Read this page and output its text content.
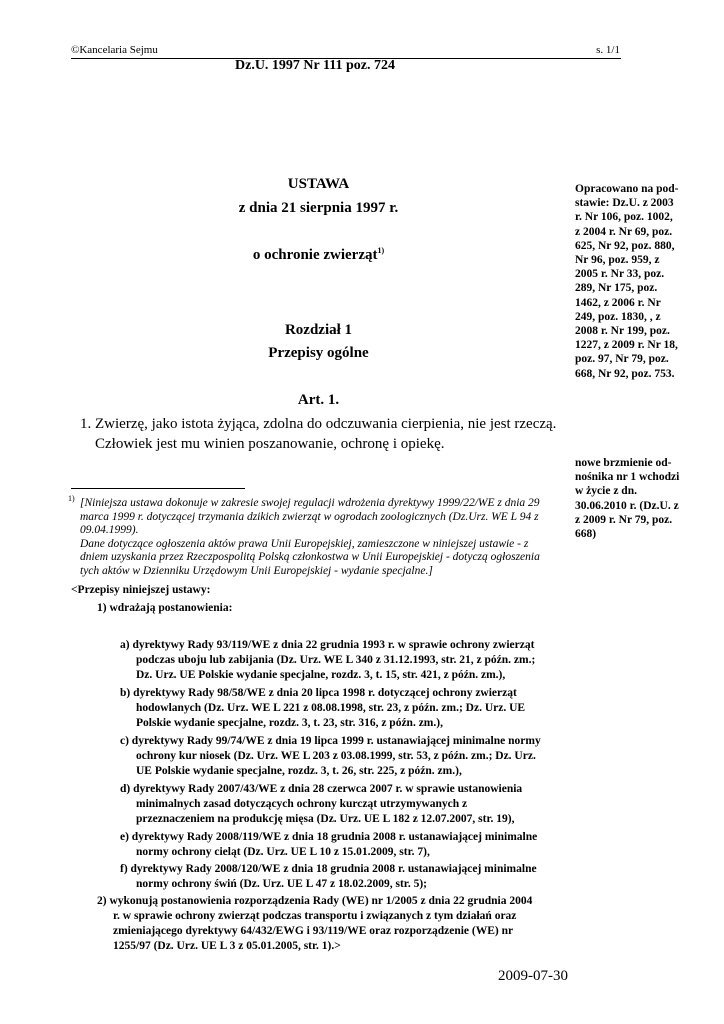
©Kancelaria Sejmu	s. 1/1
Dz.U. 1997 Nr 111 poz. 724
USTAWA
z dnia 21 sierpnia 1997 r.
o ochronie zwierząt$^{1)}$
Rozdział 1
Przepisy ogólne
Art. 1.
1. Zwierzę, jako istota żyjąca, zdolna do odczuwania cierpienia, nie jest rzeczą.
Człowiek jest mu winien poszanowanie, ochronę i opiekę.
Opracowano na pod-
stawie: Dz.U. z 2003
r. Nr 106, poz. 1002,
z 2004 r. Nr 69, poz.
625, Nr 92, poz. 880,
Nr 96, poz. 959, z
2005 r. Nr 33, poz.
289, Nr 175, poz.
1462, z 2006 r. Nr
249, poz. 1830, , z
2008 r. Nr 199, poz.
1227, z 2009 r. Nr 18,
poz. 97, Nr 79, poz.
668, Nr 92, poz. 753.
nowe brzmienie od-
nośnika nr 1 wchodzi
w życie z dn.
30.06.2010 r. (Dz.U. z
z 2009 r. Nr 79, poz.
668)
1) [Niniejsza ustawa dokonuje w zakresie swojej regulacji wdrożenia dyrektywy 1999/22/WE z dnia 29
marca 1999 r. dotyczącej trzymania dzikich zwierząt w ogrodach zoologicznych (Dz.Urz. WE L 94 z
09.04.1999).
Dane dotyczące ogłoszenia aktów prawa Unii Europejskiej, zamieszczone w niniejszej ustawie - z
dniem uzyskania przez Rzeczpospolitą Polską członkostwa w Unii Europejskiej - dotyczą ogłoszenia
tych aktów w Dzienniku Urzędowym Unii Europejskiej - wydanie specjalne.]
<Przepisy niniejszej ustawy:
1) wdrażają postanowienia:
a) dyrektywy Rady 93/119/WE z dnia 22 grudnia 1993 r. w sprawie ochrony zwierząt
podczas uboju lub zabijania (Dz. Urz. WE L 340 z 31.12.1993, str. 21, z późn. zm.;
Dz. Urz. UE Polskie wydanie specjalne, rozdz. 3, t. 15, str. 421, z późn. zm.),
b) dyrektywy Rady 98/58/WE z dnia 20 lipca 1998 r. dotyczącej ochrony zwierząt
hodowlanych (Dz. Urz. WE L 221 z 08.08.1998, str. 23, z późn. zm.; Dz. Urz. UE
Polskie wydanie specjalne, rozdz. 3, t. 23, str. 316, z późn. zm.),
c) dyrektywy Rady 99/74/WE z dnia 19 lipca 1999 r. ustanawiającej minimalne normy
ochrony kur niosek (Dz. Urz. WE L 203 z 03.08.1999, str. 53, z późn. zm.; Dz. Urz.
UE Polskie wydanie specjalne, rozdz. 3, t. 26, str. 225, z późn. zm.),
d) dyrektywy Rady 2007/43/WE z dnia 28 czerwca 2007 r. w sprawie ustanowienia
minimalnych zasad dotyczących ochrony kurcząt utrzymywanych z
przeznaczeniem na produkcję mięsa (Dz. Urz. UE L 182 z 12.07.2007, str. 19),
e) dyrektywy Rady 2008/119/WE z dnia 18 grudnia 2008 r. ustanawiającej minimalne
normy ochrony cieląt (Dz. Urz. UE L 10 z 15.01.2009, str. 7),
f) dyrektywy Rady 2008/120/WE z dnia 18 grudnia 2008 r. ustanawiającej minimalne
normy ochrony świń (Dz. Urz. UE L 47 z 18.02.2009, str. 5);
2) wykonują postanowienia rozporządzenia Rady (WE) nr 1/2005 z dnia 22 grudnia 2004
r. w sprawie ochrony zwierząt podczas transportu i związanych z tym działań oraz
zmieniającego dyrektywy 64/432/EWG i 93/119/WE oraz rozporządzenie (WE) nr
1255/97 (Dz. Urz. UE L 3 z 05.01.2005, str. 1).>
2009-07-30
